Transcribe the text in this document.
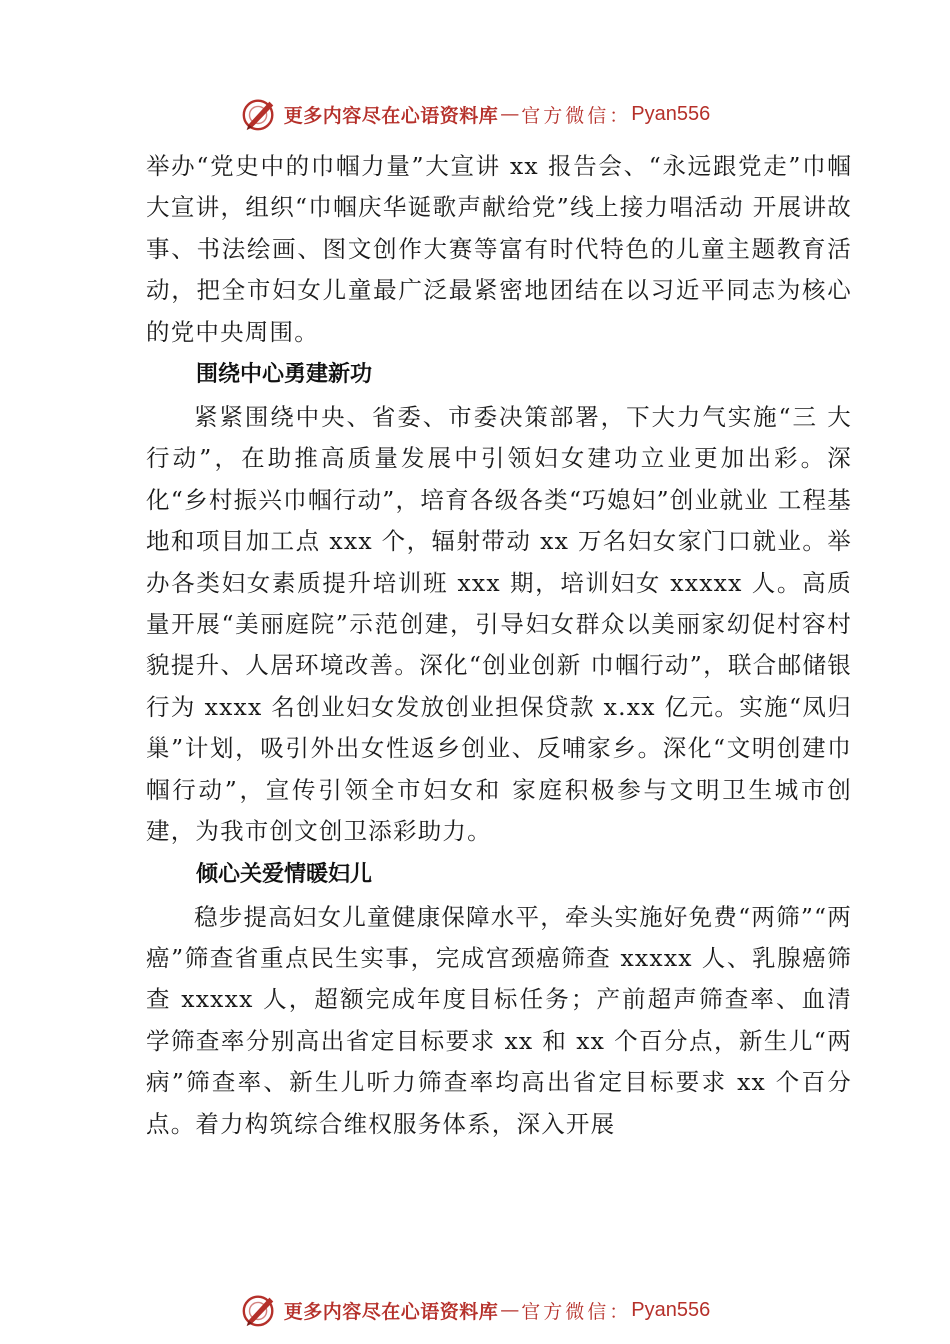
更多内容尽在心语资料库 — 官方微信： Pyan556

举办“党史中的巾帼力量”大宣讲 xx 报告会、“永远跟党走”巾帼大宣讲，组织“巾帼庆华诞歌声献给党”线上接力唱活动 开展讲故事、书法绘画、图文创作大赛等富有时代特色的儿童主题教育活动，把全市妇女儿童最广泛最紧密地团结在以习近平同志为核心的党中央周围。

围绕中心勇建新功

紧紧围绕中央、省委、市委决策部署，下大力气实施“三 大行动”，在助推高质量发展中引领妇女建功立业更加出彩。深化“乡村振兴巾帼行动”，培育各级各类“巧媳妇”创业就业 工程基地和项目加工点 xxx 个，辐射带动 xx 万名妇女家门口就业。举办各类妇女素质提升培训班 xxx 期，培训妇女 xxxxx 人。高质量开展“美丽庭院”示范创建，引导妇女群众以美丽家㓜促村容村貌提升、人居环境改善。深化“创业创新 巾帼行动”，联合邮储银行为 xxxx 名创业妇女发放创业担保贷款 x.xx 亿元。实施“凤归巢”计划，吸引外出女性返乡创业、反哺家乡。深化“文明创建巾帼行动”，宣传引领全市妇女和 家庭积极参与文明卫生城市创建，为我市创文创卫添彩助力。

倾心关爱情暖妇儿

稳步提高妇女儿童健康保障水平，牵头实施好免费“两筛”“两癌”筛查省重点民生实事，完成宫颈癌筛查 xxxxx 人、乳腺癌筛查 xxxxx 人，超额完成年度目标任务；产前超声筛查率、血清学筛查率分别高出省定目标要求 xx 和 xx 个百分点，新生儿“两病”筛查率、新生儿听力筛查率均高出省定目标要求 xx 个百分点。着力构筑综合维权服务体系，深入开展

更多内容尽在心语资料库 — 官方微信： Pyan556
